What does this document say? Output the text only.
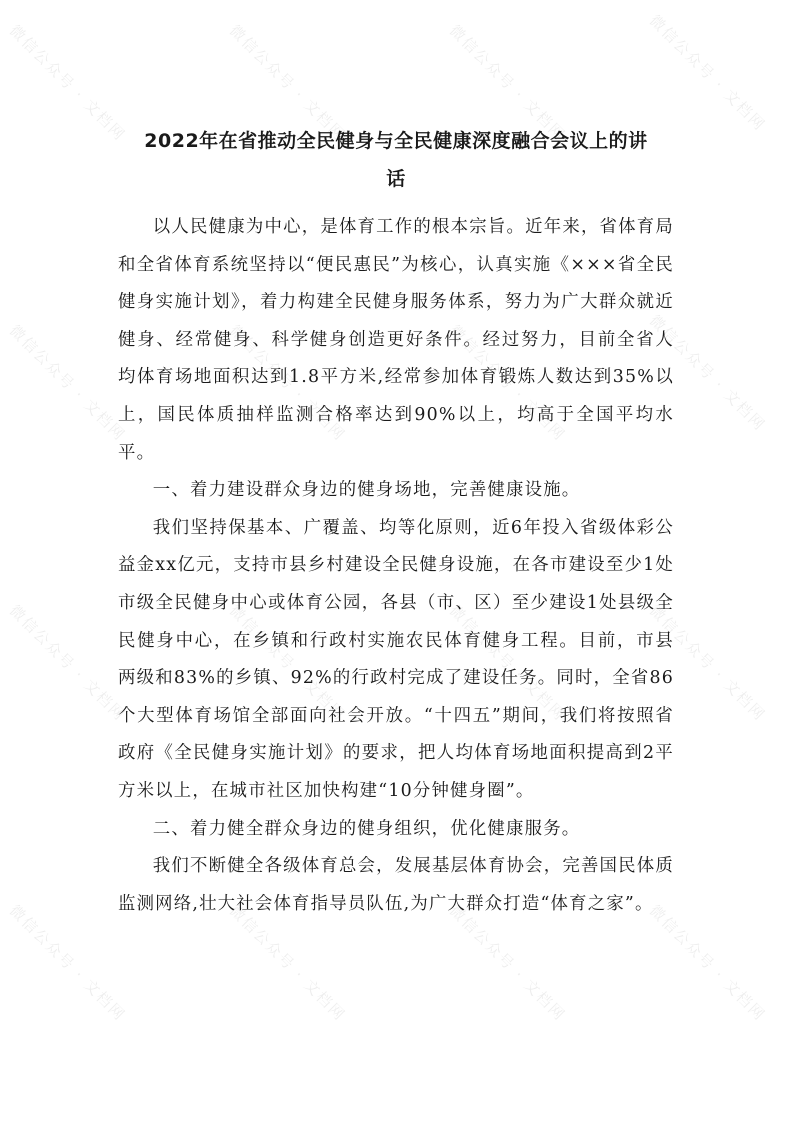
2022年在省推动全民健身与全民健康深度融合会议上的讲
话

以人民健康为中心，是体育工作的根本宗旨。近年来，省体育局和全省体育系统坚持以“便民惠民”为核心，认真实施《×××省全民健身实施计划》，着力构建全民健身服务体系，努力为广大群众就近健身、经常健身、科学健身创造更好条件。经过努力，目前全省人均体育场地面积达到1.8平方米,经常参加体育锻炼人数达到35%以上，国民体质抽样监测合格率达到90%以上，均高于全国平均水平。

一、着力建设群众身边的健身场地，完善健康设施。

我们坚持保基本、广覆盖、均等化原则，近6年投入省级体彩公益金xx亿元，支持市县乡村建设全民健身设施，在各市建设至少1处市级全民健身中心或体育公园，各县（市、区）至少建设1处县级全民健身中心，在乡镇和行政村实施农民体育健身工程。目前，市县两级和83%的乡镇、92%的行政村完成了建设任务。同时，全省86个大型体育场馆全部面向社会开放。“十四五”期间，我们将按照省政府《全民健身实施计划》的要求，把人均体育场地面积提高到2平方米以上，在城市社区加快构建“10分钟健身圈”。

二、着力健全群众身边的健身组织，优化健康服务。

我们不断健全各级体育总会，发展基层体育协会，完善国民体质监测网络,壮大社会体育指导员队伍,为广大群众打造“体育之家”。
